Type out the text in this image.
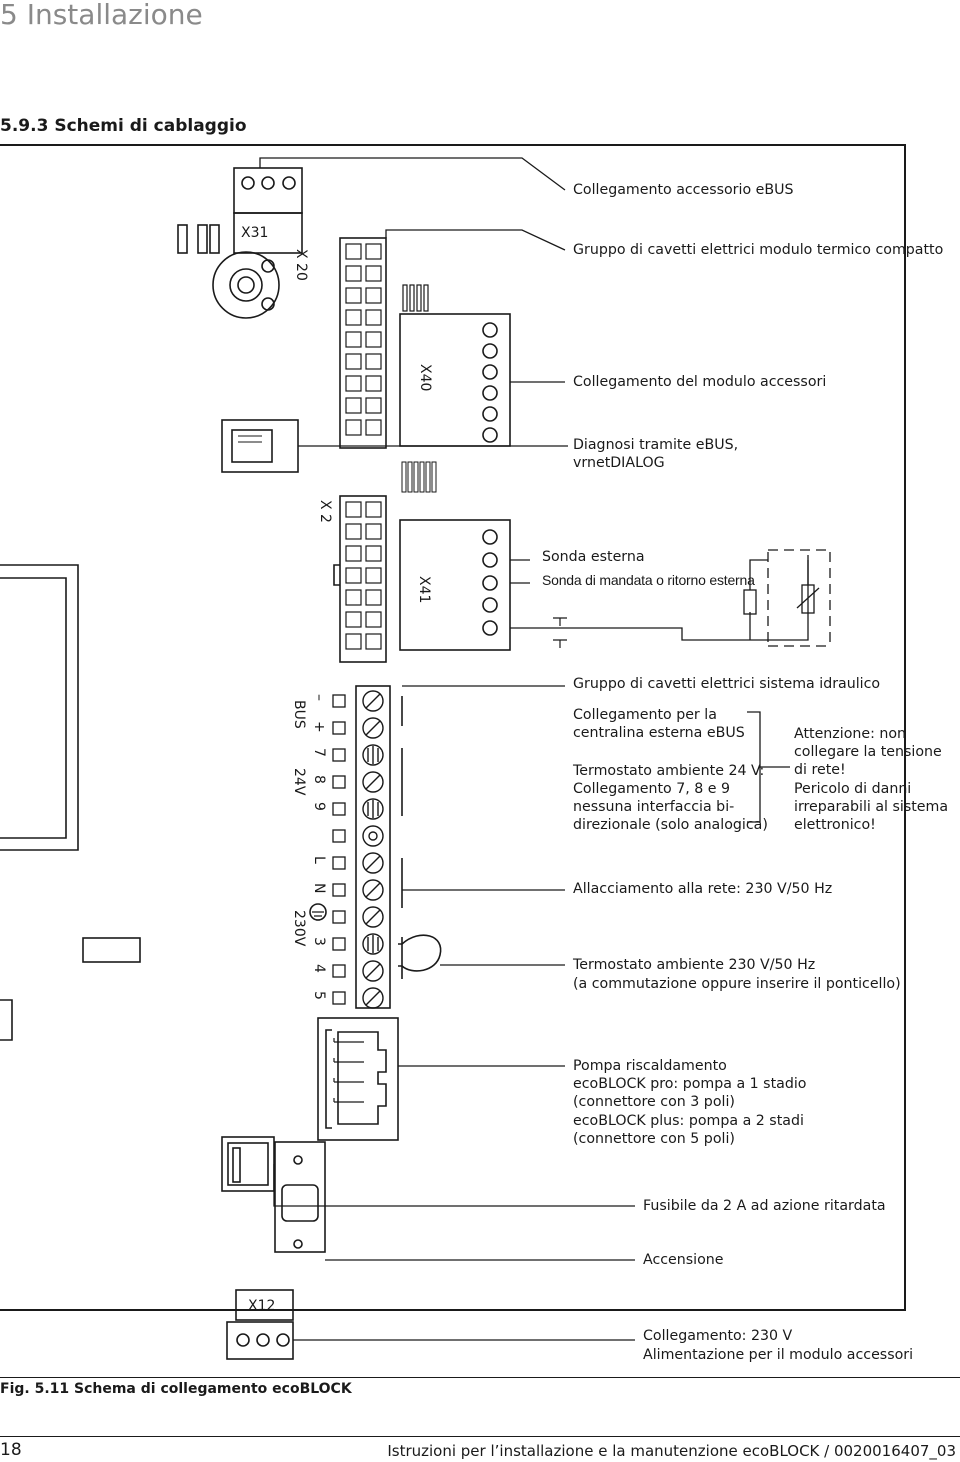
5 Installazione
5.9.3 Schemi di cablaggio
X31
X 20
X40
X 2
X41
X12
–
+
7
8
9
L
N
3
4
5
BUS
24V
230V
Collegamento accessorio eBUS
Gruppo di cavetti elettrici modulo termico compatto
Collegamento del modulo accessori
Diagnosi tramite eBUS,
vrnetDIALOG
Sonda esterna
Sonda di mandata o ritorno esterna
Gruppo di cavetti elettrici sistema idraulico
Collegamento per la
centralina esterna eBUS
Termostato ambiente 24 V:
Collegamento 7, 8 e 9
nessuna interfaccia bi-
direzionale (solo analogica)
Attenzione: non
collegare la tensione
di rete!
Pericolo di danni
irreparabili al sistema
elettronico!
Allacciamento alla rete: 230 V/50 Hz
Termostato ambiente 230 V/50 Hz
(a commutazione oppure inserire il ponticello)
Pompa riscaldamento
ecoBLOCK pro: pompa a 1 stadio
(connettore con 3 poli)
ecoBLOCK plus: pompa a 2 stadi
(connettore con 5 poli)
Fusibile da 2 A ad azione ritardata
Accensione
Collegamento: 230 V
Alimentazione per il modulo accessori
Fig. 5.11 Schema di collegamento ecoBLOCK
18	Istruzioni per l’installazione e la manutenzione ecoBLOCK / 0020016407_03
